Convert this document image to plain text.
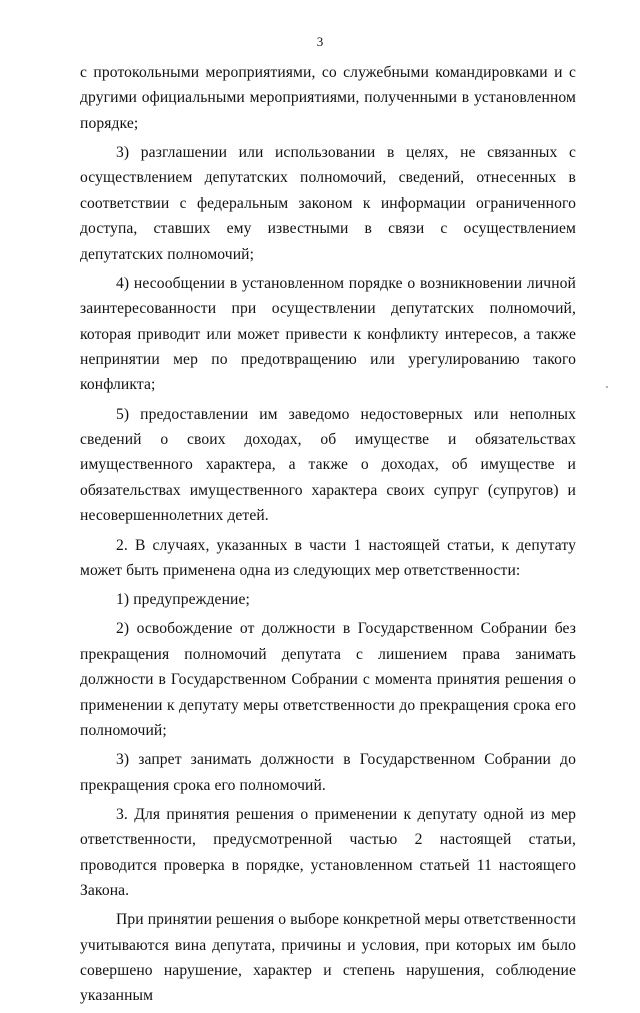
3

с протокольными мероприятиями, со служебными командировками и с другими официальными мероприятиями, полученными в установленном порядке;

3) разглашении или использовании в целях, не связанных с осуществлением депутатских полномочий, сведений, отнесенных в соответствии с федеральным законом к информации ограниченного доступа, ставших ему известными в связи с осуществлением депутатских полномочий;

4) несообщении в установленном порядке о возникновении личной заинтересованности при осуществлении депутатских полномочий, которая приводит или может привести к конфликту интересов, а также непринятии мер по предотвращению или урегулированию такого конфликта;

5) предоставлении им заведомо недостоверных или неполных сведений о своих доходах, об имуществе и обязательствах имущественного характера, а также о доходах, об имуществе и обязательствах имущественного характера своих супруг (супругов) и несовершеннолетних детей.

2. В случаях, указанных в части 1 настоящей статьи, к депутату может быть применена одна из следующих мер ответственности:

1) предупреждение;

2) освобождение от должности в Государственном Собрании без прекращения полномочий депутата с лишением права занимать должности в Государственном Собрании с момента принятия решения о применении к депутату меры ответственности до прекращения срока его полномочий;

3) запрет занимать должности в Государственном Собрании до прекращения срока его полномочий.

3. Для принятия решения о применении к депутату одной из мер ответственности, предусмотренной частью 2 настоящей статьи, проводится проверка в порядке, установленном статьей 11 настоящего Закона.

При принятии решения о выборе конкретной меры ответственности учитываются вина депутата, причины и условия, при которых им было совершено нарушение, характер и степень нарушения, соблюдение указанным
